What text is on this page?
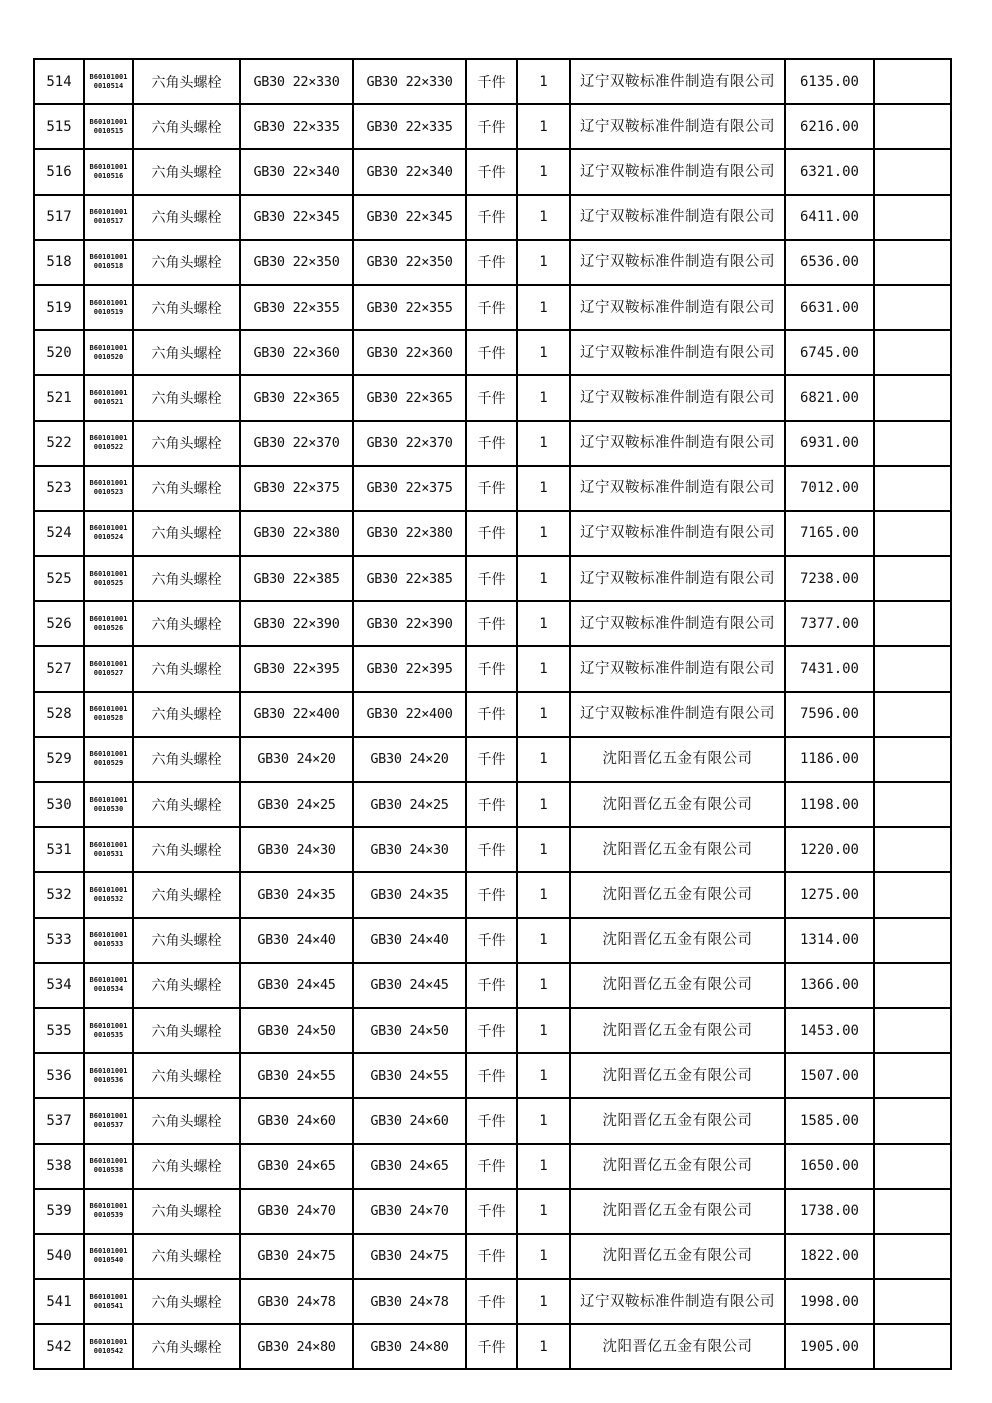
514	B60101001 0010514	六角头螺栓	GB30 22×330	GB30 22×330	千件	1	辽宁双鞍标准件制造有限公司	6135.00	
515	B60101001 0010515	六角头螺栓	GB30 22×335	GB30 22×335	千件	1	辽宁双鞍标准件制造有限公司	6216.00	
516	B60101001 0010516	六角头螺栓	GB30 22×340	GB30 22×340	千件	1	辽宁双鞍标准件制造有限公司	6321.00	
517	B60101001 0010517	六角头螺栓	GB30 22×345	GB30 22×345	千件	1	辽宁双鞍标准件制造有限公司	6411.00	
518	B60101001 0010518	六角头螺栓	GB30 22×350	GB30 22×350	千件	1	辽宁双鞍标准件制造有限公司	6536.00	
519	B60101001 0010519	六角头螺栓	GB30 22×355	GB30 22×355	千件	1	辽宁双鞍标准件制造有限公司	6631.00	
520	B60101001 0010520	六角头螺栓	GB30 22×360	GB30 22×360	千件	1	辽宁双鞍标准件制造有限公司	6745.00	
521	B60101001 0010521	六角头螺栓	GB30 22×365	GB30 22×365	千件	1	辽宁双鞍标准件制造有限公司	6821.00	
522	B60101001 0010522	六角头螺栓	GB30 22×370	GB30 22×370	千件	1	辽宁双鞍标准件制造有限公司	6931.00	
523	B60101001 0010523	六角头螺栓	GB30 22×375	GB30 22×375	千件	1	辽宁双鞍标准件制造有限公司	7012.00	
524	B60101001 0010524	六角头螺栓	GB30 22×380	GB30 22×380	千件	1	辽宁双鞍标准件制造有限公司	7165.00	
525	B60101001 0010525	六角头螺栓	GB30 22×385	GB30 22×385	千件	1	辽宁双鞍标准件制造有限公司	7238.00	
526	B60101001 0010526	六角头螺栓	GB30 22×390	GB30 22×390	千件	1	辽宁双鞍标准件制造有限公司	7377.00	
527	B60101001 0010527	六角头螺栓	GB30 22×395	GB30 22×395	千件	1	辽宁双鞍标准件制造有限公司	7431.00	
528	B60101001 0010528	六角头螺栓	GB30 22×400	GB30 22×400	千件	1	辽宁双鞍标准件制造有限公司	7596.00	
529	B60101001 0010529	六角头螺栓	GB30 24×20	GB30 24×20	千件	1	沈阳晋亿五金有限公司	1186.00	
530	B60101001 0010530	六角头螺栓	GB30 24×25	GB30 24×25	千件	1	沈阳晋亿五金有限公司	1198.00	
531	B60101001 0010531	六角头螺栓	GB30 24×30	GB30 24×30	千件	1	沈阳晋亿五金有限公司	1220.00	
532	B60101001 0010532	六角头螺栓	GB30 24×35	GB30 24×35	千件	1	沈阳晋亿五金有限公司	1275.00	
533	B60101001 0010533	六角头螺栓	GB30 24×40	GB30 24×40	千件	1	沈阳晋亿五金有限公司	1314.00	
534	B60101001 0010534	六角头螺栓	GB30 24×45	GB30 24×45	千件	1	沈阳晋亿五金有限公司	1366.00	
535	B60101001 0010535	六角头螺栓	GB30 24×50	GB30 24×50	千件	1	沈阳晋亿五金有限公司	1453.00	
536	B60101001 0010536	六角头螺栓	GB30 24×55	GB30 24×55	千件	1	沈阳晋亿五金有限公司	1507.00	
537	B60101001 0010537	六角头螺栓	GB30 24×60	GB30 24×60	千件	1	沈阳晋亿五金有限公司	1585.00	
538	B60101001 0010538	六角头螺栓	GB30 24×65	GB30 24×65	千件	1	沈阳晋亿五金有限公司	1650.00	
539	B60101001 0010539	六角头螺栓	GB30 24×70	GB30 24×70	千件	1	沈阳晋亿五金有限公司	1738.00	
540	B60101001 0010540	六角头螺栓	GB30 24×75	GB30 24×75	千件	1	沈阳晋亿五金有限公司	1822.00	
541	B60101001 0010541	六角头螺栓	GB30 24×78	GB30 24×78	千件	1	辽宁双鞍标准件制造有限公司	1998.00	
542	B60101001 0010542	六角头螺栓	GB30 24×80	GB30 24×80	千件	1	沈阳晋亿五金有限公司	1905.00	
